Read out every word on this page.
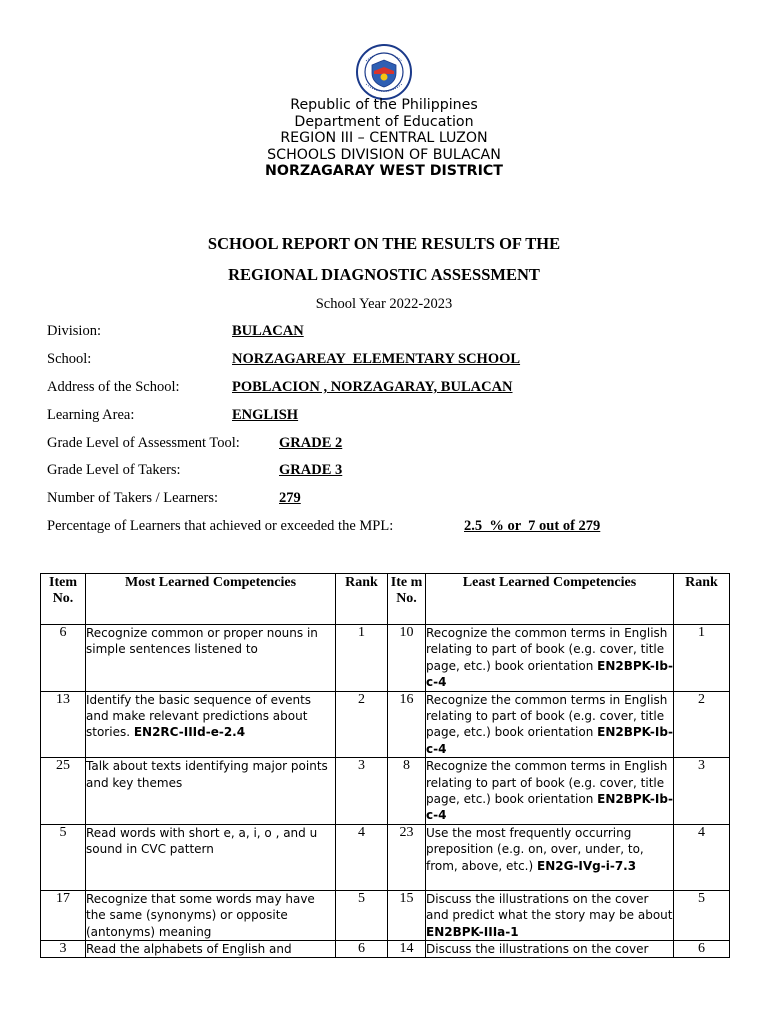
Republic of the Philippines
Department of Education
REGION III – CENTRAL LUZON
SCHOOLS DIVISION OF BULACAN
NORZAGARAY WEST DISTRICT
SCHOOL REPORT ON THE RESULTS OF THE
REGIONAL DIAGNOSTIC ASSESSMENT
School Year 2022-2023
Division:	BULACAN
School:	NORZAGAREAY  ELEMENTARY SCHOOL
Address of the School:	POBLACION , NORZAGARAY, BULACAN
Learning Area:	ENGLISH
Grade Level of Assessment Tool:	GRADE 2
Grade Level of Takers:	GRADE 3
Number of Takers / Learners:	279
Percentage of Learners that achieved or exceeded the MPL:	2.5  % or  7 out of 279
Item No.	Most Learned Competencies	Rank	Ite m No.	Least Learned Competencies	Rank
6	Recognize common or proper nouns in simple sentences listened to	1	10	Recognize the common terms in English relating to part of book (e.g. cover, title page, etc.) book orientation EN2BPK-Ib-c-4	1
13	Identify the basic sequence of events and make relevant predictions about stories. EN2RC-IIId-e-2.4	2	16	Recognize the common terms in English relating to part of book (e.g. cover, title page, etc.) book orientation EN2BPK-Ib-c-4	2
25	Talk about texts identifying major points and key themes	3	8	Recognize the common terms in English relating to part of book (e.g. cover, title page, etc.) book orientation EN2BPK-Ib-c-4	3
5	Read words with short e, a, i, o , and u sound in CVC pattern	4	23	Use the most frequently occurring preposition (e.g. on, over, under, to, from, above, etc.) EN2G-IVg-i-7.3	4
17	Recognize that some words may have the same (synonyms) or opposite (antonyms) meaning	5	15	Discuss the illustrations on the cover and predict what the story may be about EN2BPK-IIIa-1	5
3	Read the alphabets of English and	6	14	Discuss the illustrations on the cover	6
